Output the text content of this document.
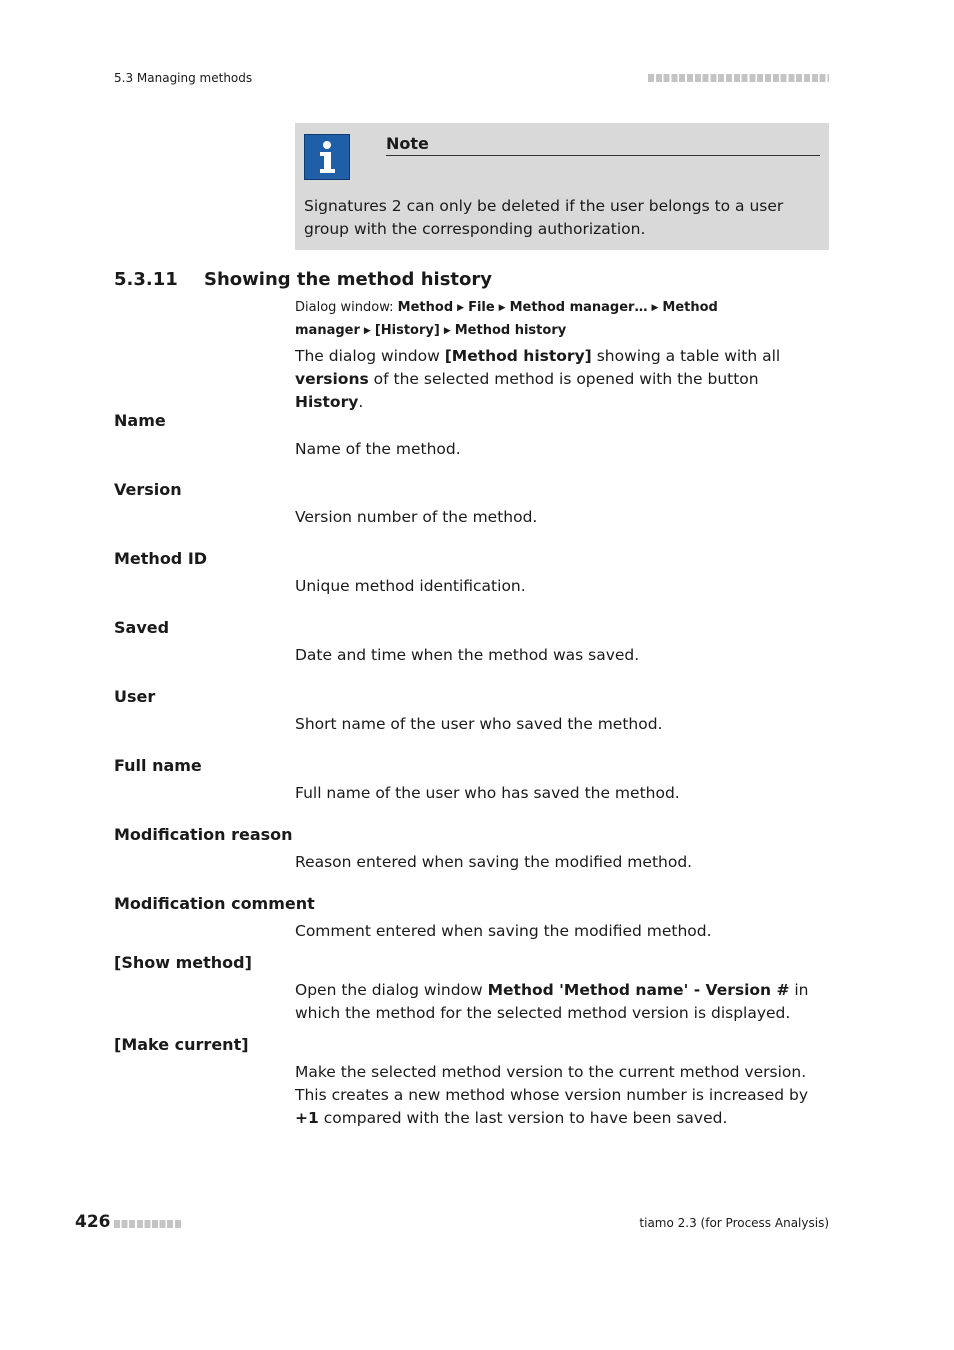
5.3 Managing methods
Note
Signatures 2 can only be deleted if the user belongs to a user group with the corresponding authorization.
5.3.11 Showing the method history
Dialog window: Method ▶ File ▶ Method manager… ▶ Method manager ▶ [History] ▶ Method history
The dialog window [Method history] showing a table with all versions of the selected method is opened with the button History.
Name
Name of the method.
Version
Version number of the method.
Method ID
Unique method identification.
Saved
Date and time when the method was saved.
User
Short name of the user who saved the method.
Full name
Full name of the user who has saved the method.
Modification reason
Reason entered when saving the modified method.
Modification comment
Comment entered when saving the modified method.
[Show method]
Open the dialog window Method 'Method name' - Version # in which the method for the selected method version is displayed.
[Make current]
Make the selected method version to the current method version. This creates a new method whose version number is increased by +1 compared with the last version to have been saved.
426	tiamo 2.3 (for Process Analysis)
